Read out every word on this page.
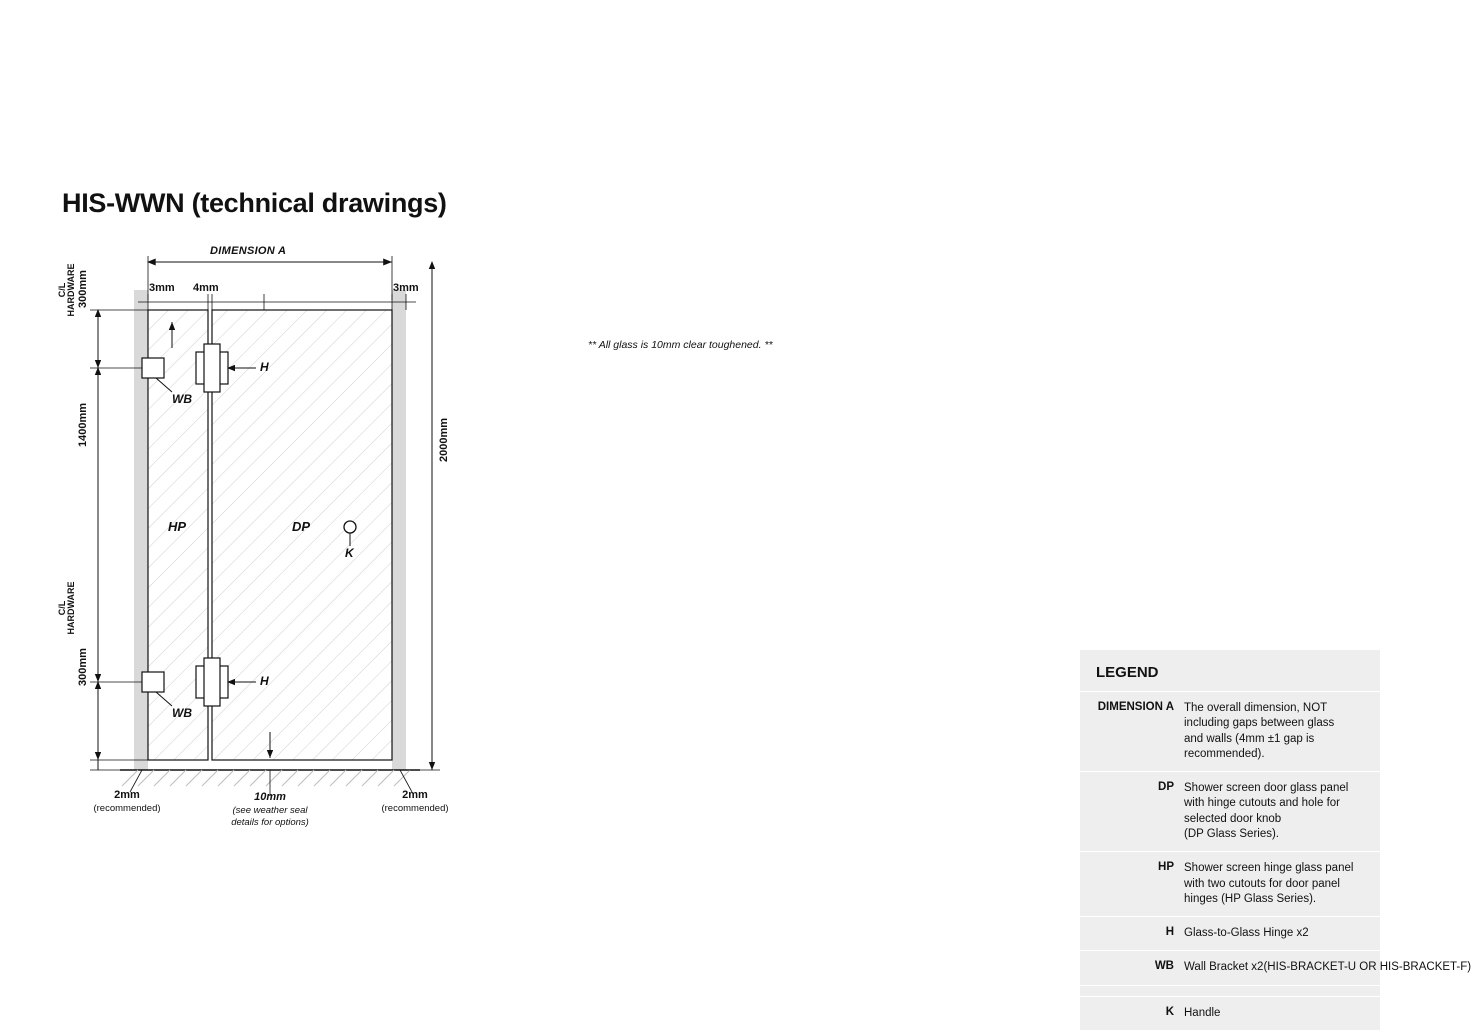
HIS-WWN (technical drawings)
DIMENSION A
3mm 4mm	3mm
C/L HARDWARE 300mm
1400mm
C/L HARDWARE
300mm
2000mm
HP	DP
H
H
WB
WB
K
2mm
(recommended)
10mm
(see weather seal
details for options)
2mm
(recommended)
LEGEND
DIMENSION A The overall dimension, NOT
including gaps between glass
and walls (4mm ±1 gap is
recommended).
DP Shower screen door glass panel
with hinge cutouts and hole for
selected door knob
(DP Glass Series).
HP Shower screen hinge glass panel
with two cutouts for door panel
hinges (HP Glass Series).
H Glass-to-Glass Hinge x2
WB Wall Bracket x2(HIS-BRACKET-U OR HIS-BRACKET-F)
K Handle
** All glass is 10mm clear toughened. **
